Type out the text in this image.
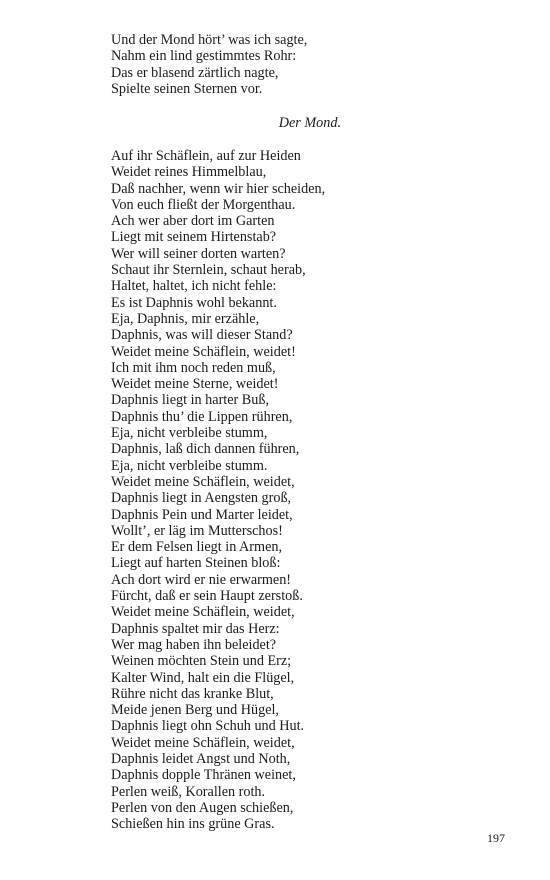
Und der Mond hört’ was ich sagte,
Nahm ein lind gestimmtes Rohr:
Das er blasend zärtlich nagte,
Spielte seinen Sternen vor.
Der Mond.
Auf ihr Schäflein, auf zur Heiden
Weidet reines Himmelblau,
Daß nachher, wenn wir hier scheiden,
Von euch fließt der Morgenthau.
Ach wer aber dort im Garten
Liegt mit seinem Hirtenstab?
Wer will seiner dorten warten?
Schaut ihr Sternlein, schaut herab,
Haltet, haltet, ich nicht fehle:
Es ist Daphnis wohl bekannt.
Eja, Daphnis, mir erzähle,
Daphnis, was will dieser Stand?
Weidet meine Schäflein, weidet!
Ich mit ihm noch reden muß,
Weidet meine Sterne, weidet!
Daphnis liegt in harter Buß,
Daphnis thu’ die Lippen rühren,
Eja, nicht verbleibe stumm,
Daphnis, laß dich dannen führen,
Eja, nicht verbleibe stumm.
Weidet meine Schäflein, weidet,
Daphnis liegt in Aengsten groß,
Daphnis Pein und Marter leidet,
Wollt’, er läg im Mutterschos!
Er dem Felsen liegt in Armen,
Liegt auf harten Steinen bloß:
Ach dort wird er nie erwarmen!
Fürcht, daß er sein Haupt zerstoß.
Weidet meine Schäflein, weidet,
Daphnis spaltet mir das Herz:
Wer mag haben ihn beleidet?
Weinen möchten Stein und Erz;
Kalter Wind, halt ein die Flügel,
Rühre nicht das kranke Blut,
Meide jenen Berg und Hügel,
Daphnis liegt ohn Schuh und Hut.
Weidet meine Schäflein, weidet,
Daphnis leidet Angst und Noth,
Daphnis dopple Thränen weinet,
Perlen weiß, Korallen roth.
Perlen von den Augen schießen,
Schießen hin ins grüne Gras.
197
